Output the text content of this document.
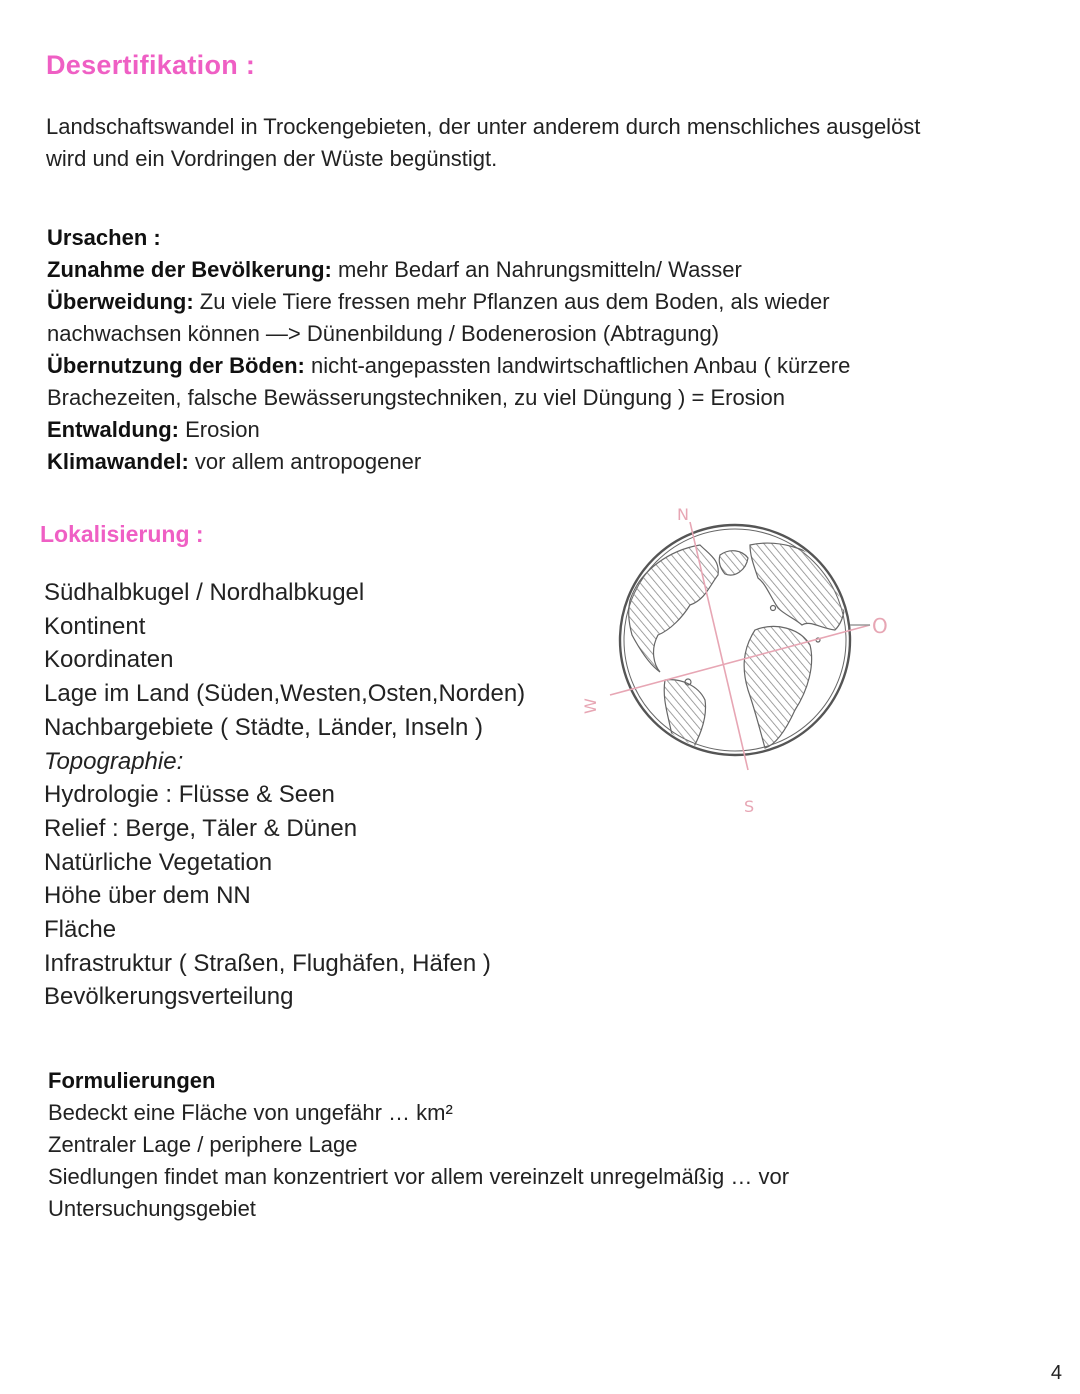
Desertifikation :
Landschaftswandel in Trockengebieten, der unter anderem durch menschliches ausgelöst
wird und ein Vordringen der Wüste begünstigt.
Ursachen :
Zunahme der Bevölkerung: mehr Bedarf an Nahrungsmitteln/ Wasser
Überweidung: Zu viele Tiere fressen mehr Pflanzen aus dem Boden, als wieder
nachwachsen können —> Dünenbildung / Bodenerosion (Abtragung)
Übernutzung der Böden: nicht-angepassten landwirtschaftlichen Anbau ( kürzere
Brachezeiten, falsche Bewässerungstechniken, zu viel Düngung ) = Erosion
Entwaldung: Erosion
Klimawandel: vor allem antropogener
Lokalisierung :
Südhalbkugel / Nordhalbkugel
Kontinent
Koordinaten
Lage im Land (Süden,Westen,Osten,Norden)
Nachbargebiete ( Städte, Länder, Inseln )
Topographie:
Hydrologie : Flüsse & Seen
Relief : Berge, Täler & Dünen
Natürliche Vegetation
Höhe über dem NN
Fläche
Infrastruktur ( Straßen, Flughäfen, Häfen )
Bevölkerungsverteilung
N
S
W
O
Formulierungen
Bedeckt eine Fläche von ungefähr … km²
Zentraler Lage / periphere Lage
Siedlungen findet man konzentriert vor allem vereinzelt unregelmäßig … vor
Untersuchungsgebiet
4
